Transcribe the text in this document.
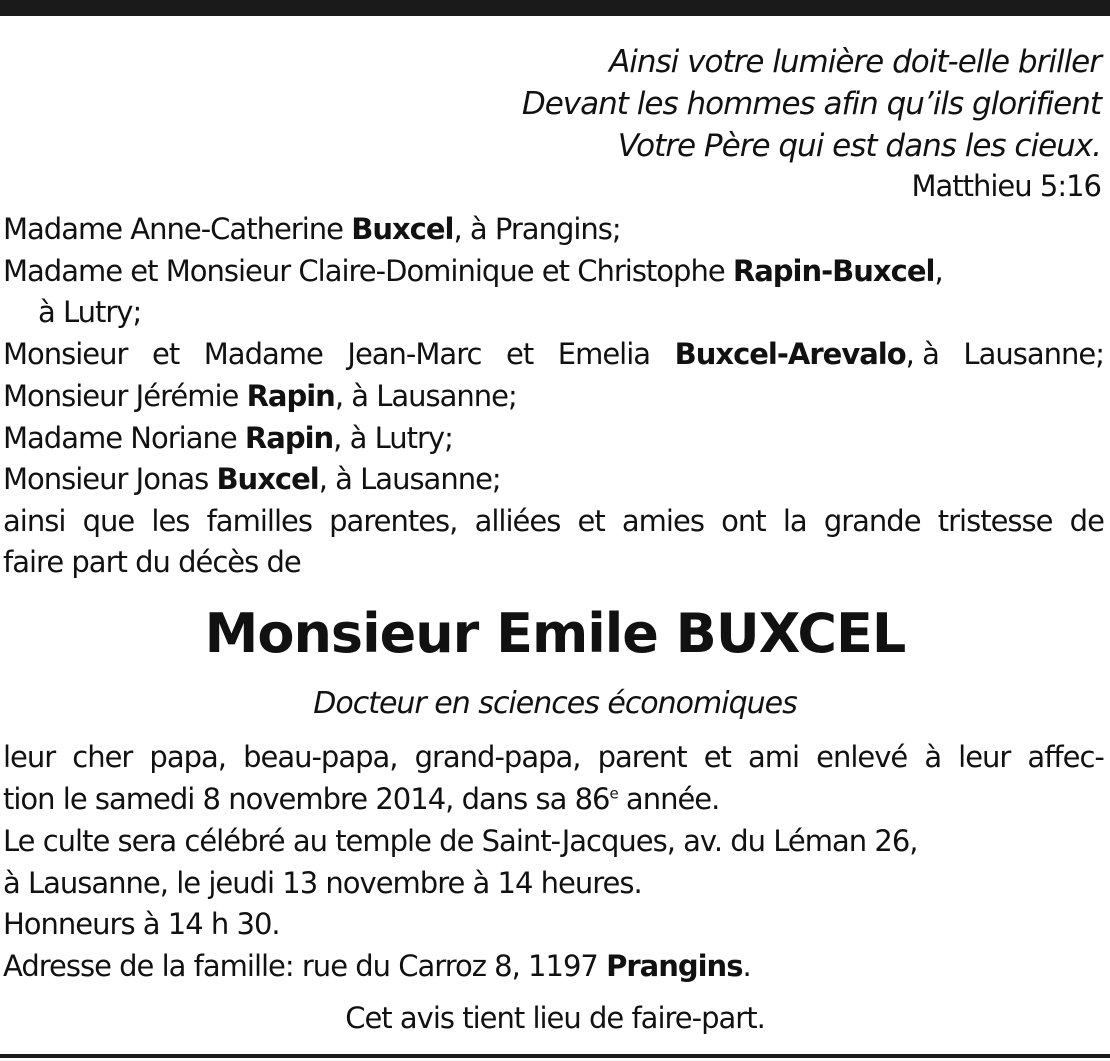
Ainsi votre lumière doit-elle briller
Devant les hommes afin qu’ils glorifient
Votre Père qui est dans les cieux.
Matthieu 5:16
Madame Anne-Catherine Buxcel, à Prangins;
Madame et Monsieur Claire-Dominique et Christophe Rapin-Buxcel,
à Lutry;
Monsieur et Madame Jean-Marc et Emelia Buxcel-Arevalo, à Lausanne;
Monsieur Jérémie Rapin, à Lausanne;
Madame Noriane Rapin, à Lutry;
Monsieur Jonas Buxcel, à Lausanne;
ainsi que les familles parentes, alliées et amies ont la grande tristesse de
faire part du décès de
Monsieur Emile BUXCEL
Docteur en sciences économiques
leur cher papa, beau-papa, grand-papa, parent et ami enlevé à leur affec-
tion le samedi 8 novembre 2014, dans sa 86e année.
Le culte sera célébré au temple de Saint-Jacques, av. du Léman 26,
à Lausanne, le jeudi 13 novembre à 14 heures.
Honneurs à 14 h 30.
Adresse de la famille: rue du Carroz 8, 1197 Prangins.
Cet avis tient lieu de faire-part.
